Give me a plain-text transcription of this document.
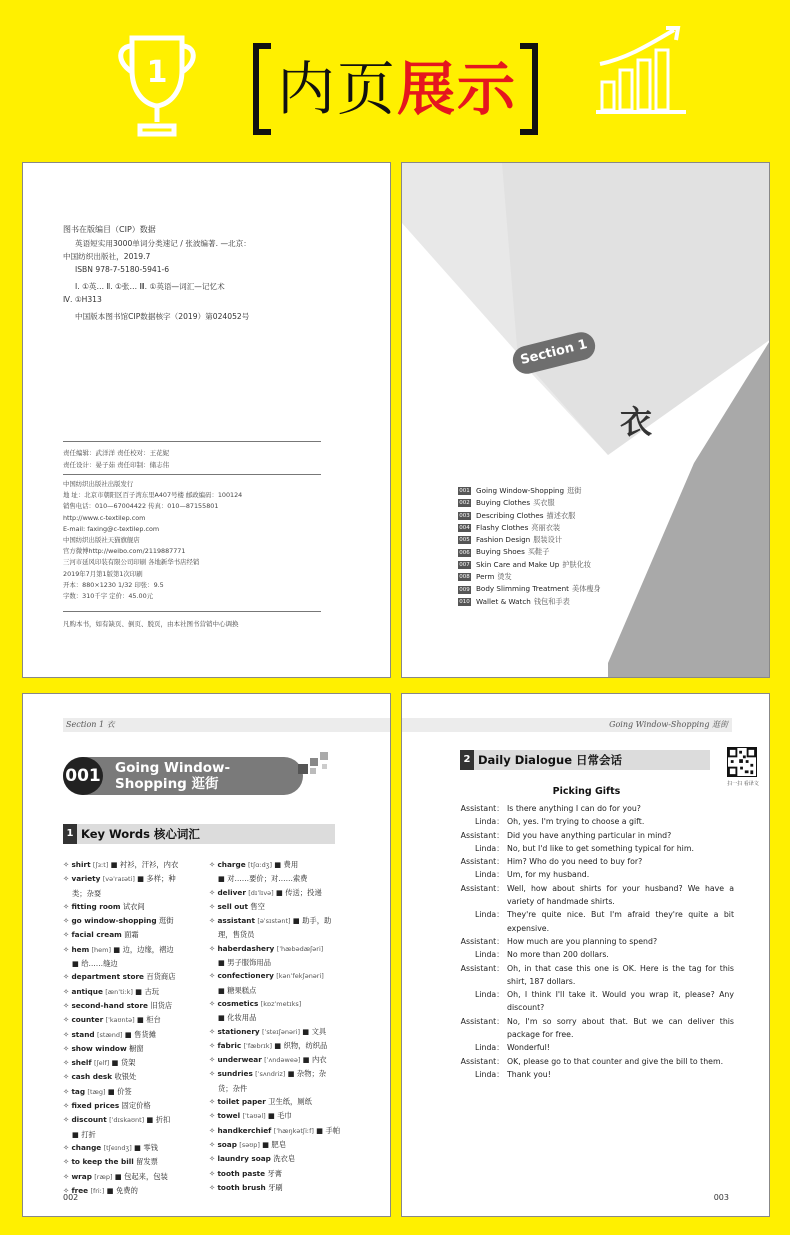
1 内页展示
图书在版编目（CIP）数据
英语短实用3000单词分类速记 / 张波编著. —北京：
中国纺织出版社，2019.7
ISBN 978-7-5180-5941-6
Ⅰ. ①英… Ⅱ. ①张… Ⅲ. ①英语—词汇—记忆术
Ⅳ. ①H313
中国版本图书馆CIP数据核字（2019）第024052号
责任编辑：武洋洋 责任校对：王花妮
责任设计：晏子茹 责任印制：储志伟
中国纺织出版社出版发行
地 址：北京市朝阳区百子湾东里A407号楼 邮政编码：100124
销售电话：010—67004422 传真：010—87155801
http://www.c-textilep.com
E-mail: faxing@c-textilep.com
中国纺织出版社天猫旗舰店
官方微博http://weibo.com/2119887771
三河市延风印装有限公司印刷 各地新华书店经销
2019年7月第1版第1次印刷
开本：880×1230 1/32 印张：9.5
字数：310千字 定价：45.00元
凡购本书，如有缺页、倒页、脱页，由本社图书营销中心调换
Section 1
衣
001 Going Window-Shopping 逛街
002 Buying Clothes 买衣服
003 Describing Clothes 描述衣服
004 Flashy Clothes 亮丽衣装
005 Fashion Design 服装设计
006 Buying Shoes 买鞋子
007 Skin Care and Make Up 护肤化妆
008 Perm 烫发
009 Body Slimming Treatment 美体瘦身
010 Wallet & Watch 钱包和手表
Section 1 衣
001 Going Window-
Shopping 逛街
1 Key Words 核心词汇
✧ shirt [ʃɜːt] ■ 衬衫，汗衫，内衣
✧ variety [vəˈraɪəti] ■ 多样；种
类；杂耍
✧ fitting room 试衣间
✧ go window-shopping 逛街
✧ facial cream 面霜
✧ hem [hem] ■ 边，边缘，褶边
■ 给……缝边
✧ department store 百货商店
✧ antique [ænˈtiːk] ■ 古玩
✧ second-hand store 旧货店
✧ counter [ˈkaʊntə] ■ 柜台
✧ stand [stænd] ■ 售货摊
✧ show window 橱窗
✧ shelf [ʃelf] ■ 货架
✧ cash desk 收银处
✧ tag [tæg] ■ 价签
✧ fixed prices 固定价格
✧ discount [ˈdɪskaʊnt] ■ 折扣
■ 打折
✧ change [tʃeɪndʒ] ■ 零钱
✧ to keep the bill 留发票
✧ wrap [ræp] ■ 包起来，包装
✧ free [friː] ■ 免费的
✧ charge [tʃɑːdʒ] ■ 费用
■ 对……要价；对……索费
✧ deliver [dɪˈlɪvə] ■ 传送；投递
✧ sell out 售空
✧ assistant [əˈsɪstənt] ■ 助手，助
理，售货员
✧ haberdashery [ˈhæbədæʃəri]
■ 男子服饰用品
✧ confectionery [kənˈfekʃənəri]
■ 糖果糕点
✧ cosmetics [kɒzˈmetɪks]
■ 化妆用品
✧ stationery [ˈsteɪʃənəri] ■ 文具
✧ fabric [ˈfæbrɪk] ■ 织物，纺织品
✧ underwear [ˈʌndəweə] ■ 内衣
✧ sundries [ˈsʌndriz] ■ 杂物；杂
货；杂件
✧ toilet paper 卫生纸，厕纸
✧ towel [ˈtaʊəl] ■ 毛巾
✧ handkerchief [ˈhæŋkətʃiːf] ■ 手帕
✧ soap [səʊp] ■ 肥皂
✧ laundry soap 洗衣皂
✧ tooth paste 牙膏
✧ tooth brush 牙刷
002
Going Window-Shopping 逛街
2 Daily Dialogue 日常会话
扫一扫 看译文
Picking Gifts
Assistant： Is there anything I can do for you?
Linda： Oh, yes. I'm trying to choose a gift.
Assistant： Did you have anything particular in mind?
Linda： No, but I'd like to get something typical for him.
Assistant： Him? Who do you need to buy for?
Linda： Um, for my husband.
Assistant： Well, how about shirts for your husband? We have a variety of handmade shirts.
Linda： They're quite nice. But I'm afraid they're quite a bit expensive.
Assistant： How much are you planning to spend?
Linda： No more than 200 dollars.
Assistant： Oh, in that case this one is OK. Here is the tag for this shirt, 187 dollars.
Linda： Oh, I think I'll take it. Would you wrap it, please? Any discount?
Assistant： No, I'm so sorry about that. But we can deliver this package for free.
Linda： Wonderful!
Assistant： OK, please go to that counter and give the bill to them.
Linda： Thank you!
003
